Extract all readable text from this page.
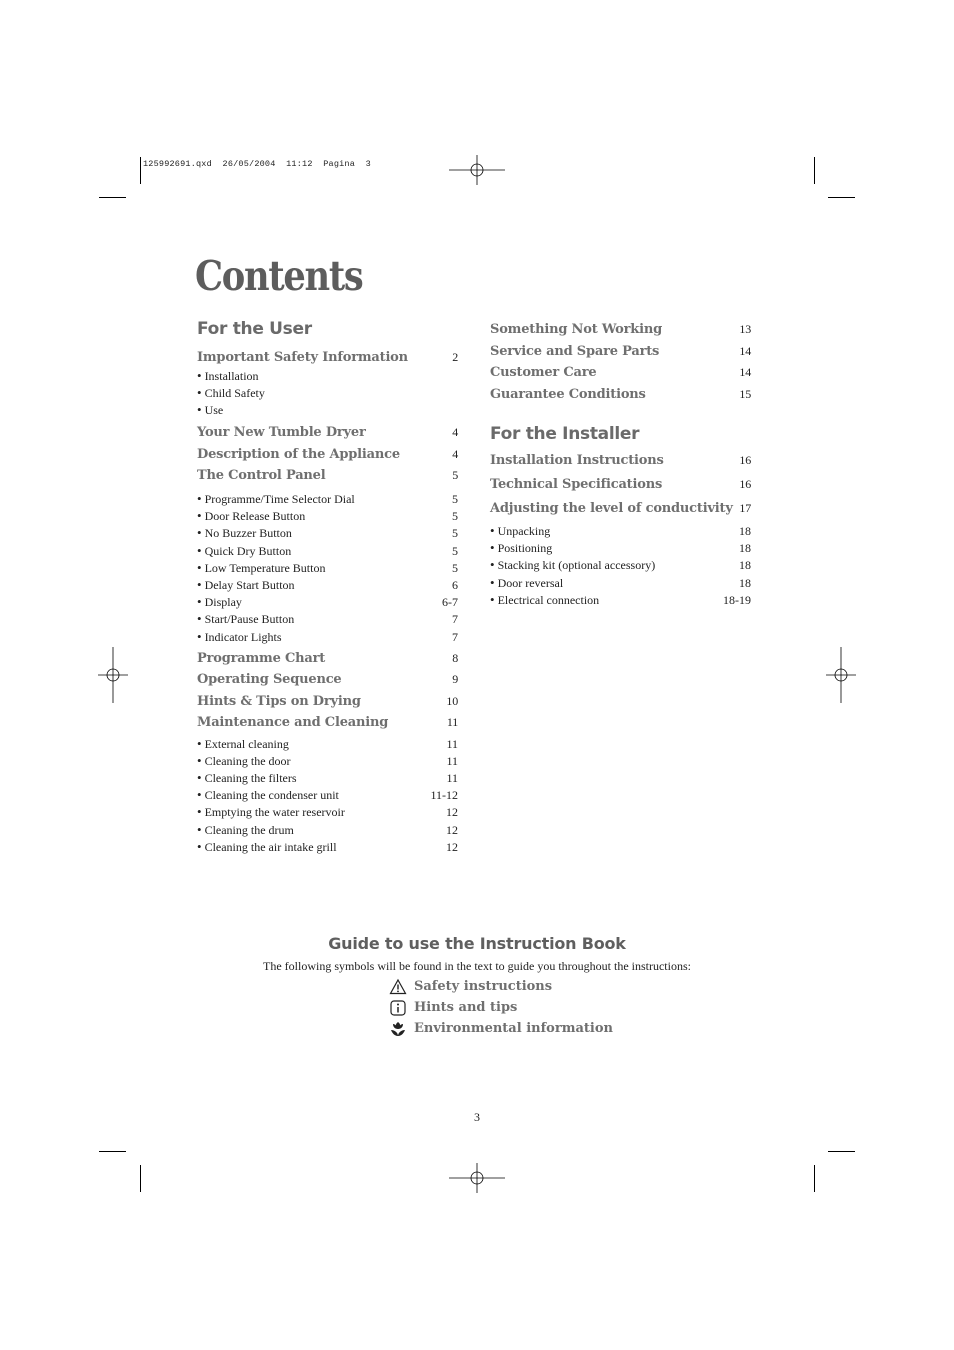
125992691.qxd  26/05/2004  11:12  Pagina  3
Contents
For the User
Important Safety Information	2
• Installation
• Child Safety
• Use
Your New Tumble Dryer	4
Description of the Appliance	4
The Control Panel	5
• Programme/Time Selector Dial	5
• Door Release Button	5
• No Buzzer Button	5
• Quick Dry Button	5
• Low Temperature Button	5
• Delay Start Button	6
• Display	6-7
• Start/Pause Button	7
• Indicator Lights	7
Programme Chart	8
Operating Sequence	9
Hints & Tips on Drying	10
Maintenance and Cleaning	11
• External cleaning	11
• Cleaning the door	11
• Cleaning the filters	11
• Cleaning the condenser unit	11-12
• Emptying the water reservoir	12
• Cleaning the drum	12
• Cleaning the air intake grill	12
Something Not Working	13
Service and Spare Parts	14
Customer Care	14
Guarantee Conditions	15
For the Installer
Installation Instructions	16
Technical Specifications	16
Adjusting the level of conductivity 17
• Unpacking	18
• Positioning	18
• Stacking kit (optional accessory)	18
• Door reversal	18
• Electrical connection	18-19
Guide to use the Instruction Book
The following symbols will be found in the text to guide you throughout the instructions:
Safety instructions
Hints and tips
Environmental information
3
